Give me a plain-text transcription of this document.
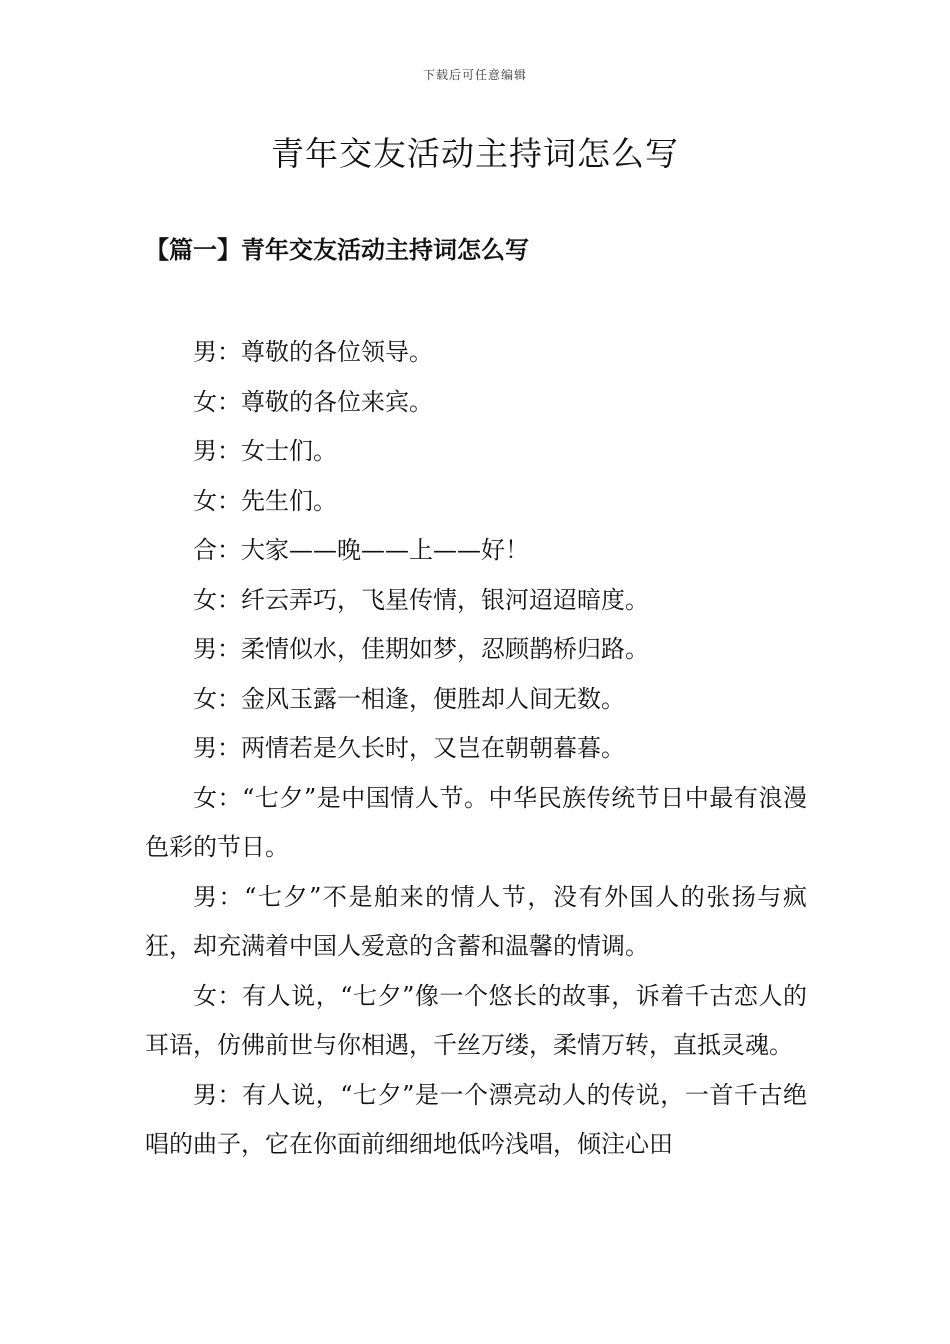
下载后可任意编辑
青年交友活动主持词怎么写
【篇一】青年交友活动主持词怎么写

男：尊敬的各位领导。

女：尊敬的各位来宾。

男：女士们。

女：先生们。

合：大家——晚——上——好！

女：纤云弄巧，飞星传情，银河迢迢暗度。

男：柔情似水，佳期如梦，忍顾鹊桥归路。

女：金风玉露一相逢，便胜却人间无数。

男：两情若是久长时，又岂在朝朝暮暮。

女：“七夕”是中国情人节。中华民族传统节日中最有浪漫色彩的节日。

男：“七夕”不是舶来的情人节，没有外国人的张扬与疯狂，却充满着中国人爱意的含蓄和温馨的情调。

女：有人说，“七夕”像一个悠长的故事，诉着千古恋人的耳语，仿佛前世与你相遇，千丝万缕，柔情万转，直抵灵魂。

男：有人说，“七夕”是一个漂亮动人的传说，一首千古绝唱的曲子，它在你面前细细地低吟浅唱，倾注心田
